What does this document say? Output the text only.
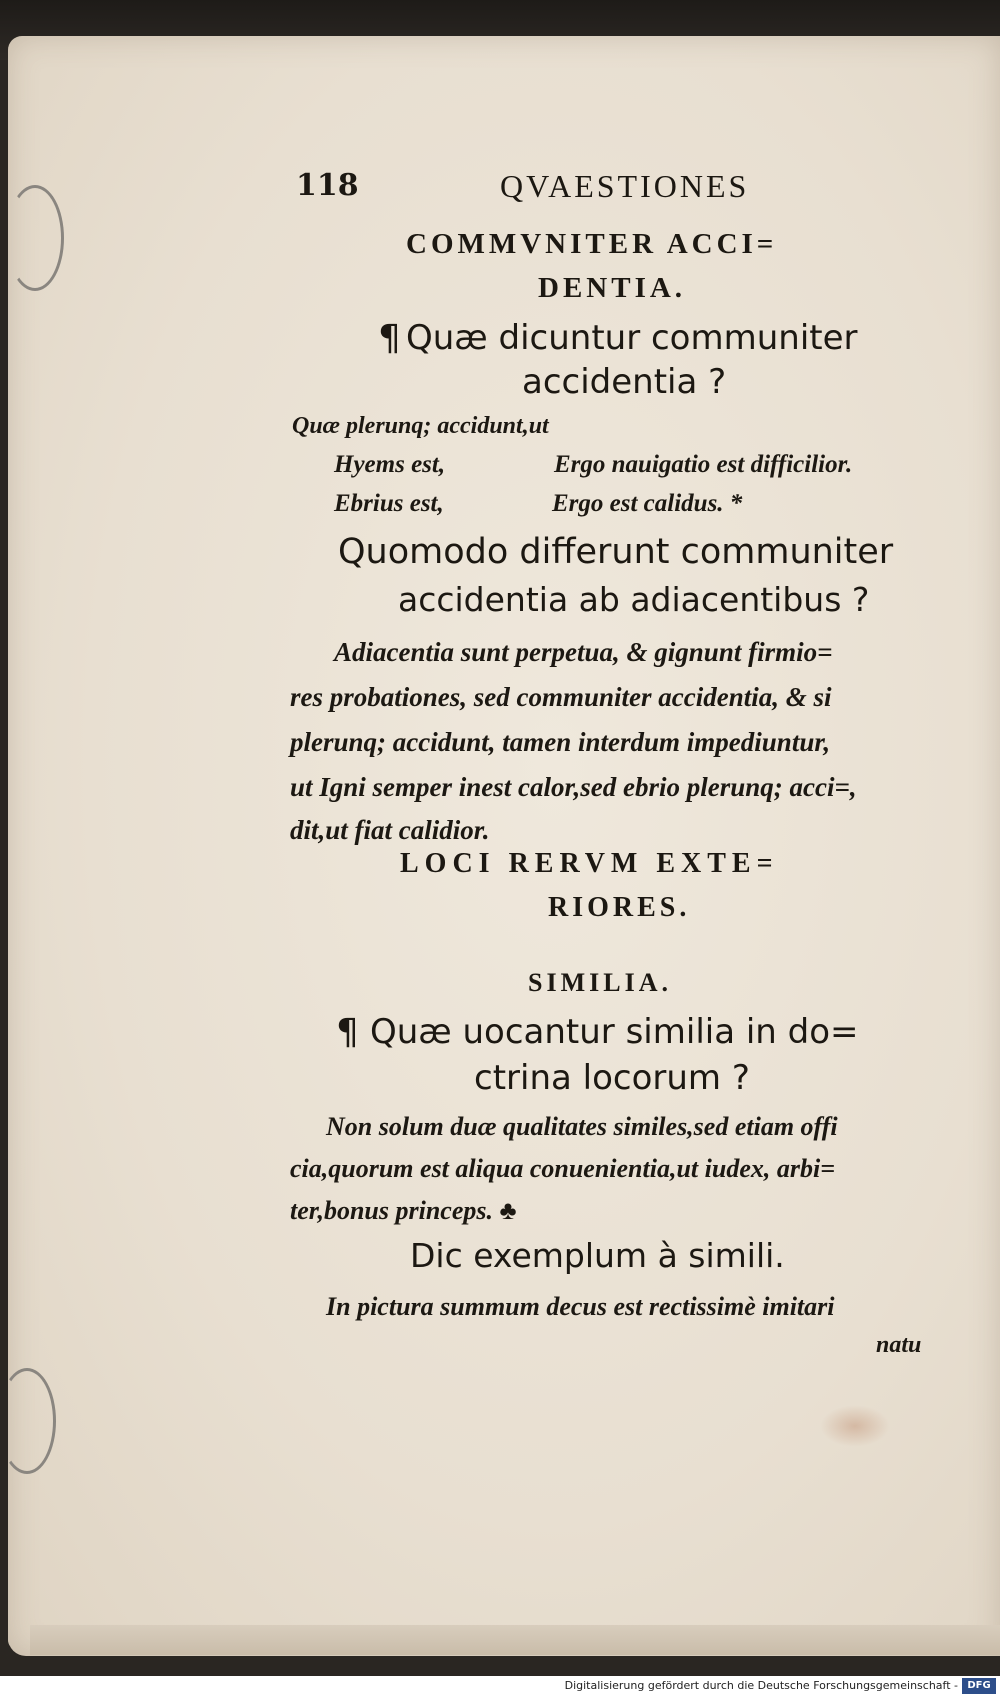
118	QVAESTIONES
COMMVNITER ACCI=
DENTIA.
¶ Quæ dicuntur communiter
accidentia ?
Quæ plerunq; accidunt,ut
Hyems est,	Ergo nauigatio est difficilior.
Ebrius est,	Ergo est calidus. *
Quomodo differunt communiter
accidentia ab adiacentibus ?
Adiacentia sunt perpetua, & gignunt firmio=
res probationes, sed communiter accidentia, & si
plerunq; accidunt, tamen interdum impediuntur,
ut Igni semper inest calor,sed ebrio plerunq; acci=,
dit,ut fiat calidior.
LOCI RERVM EXTE=
RIORES.
SIMILIA.
¶ Quæ uocantur similia in do=
ctrina locorum ?
Non solum duæ qualitates similes,sed etiam offi
cia,quorum est aliqua conuenientia,ut iudex, arbi=
ter,bonus princeps. ♣
Dic exemplum à simili.
In pictura summum decus est rectissimè imitari
natu
Digitalisierung gefördert durch die Deutsche Forschungsgemeinschaft - DFG
